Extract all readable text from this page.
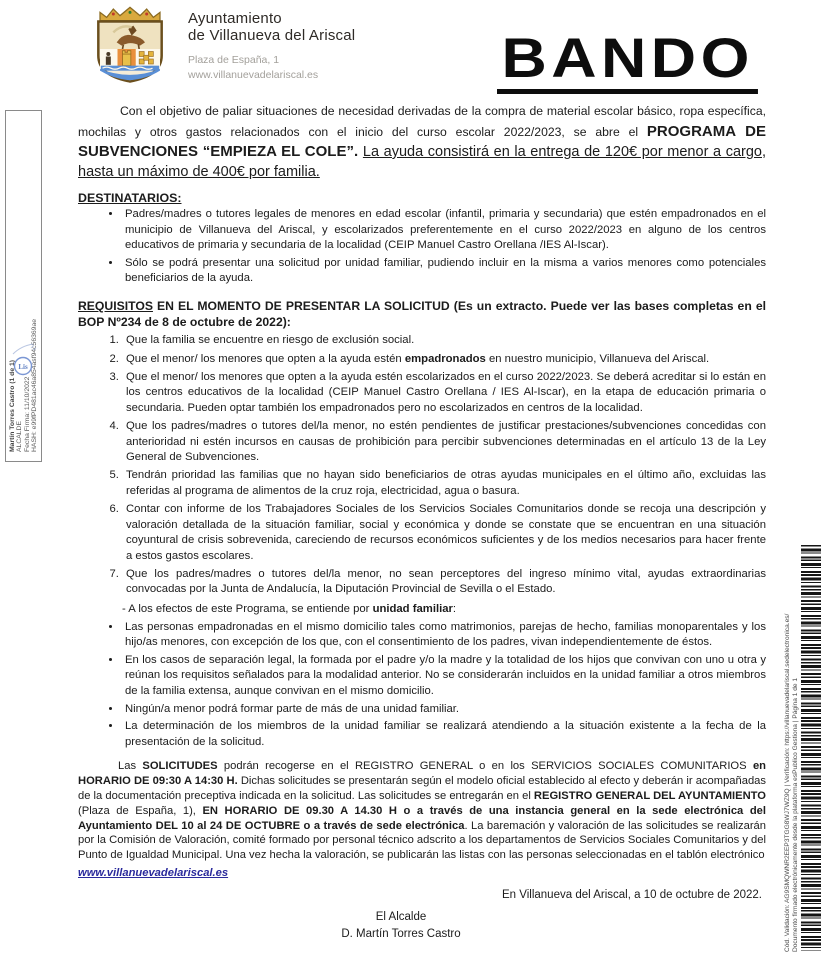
Ayuntamiento
de Villanueva del Ariscal
Plaza de España, 1
www.villanuevadelariscal.es	BANDO
Martín Torres Castro (1 de 1) ALCALDE Fecha Firma: 11/10/2022 HASH: e99fPD481ac46a854asf94c56369ae
Lis
Cód. Validación: AG9SMQWNR2EEP3TGG8WJ7WZ9Q | Verificación: https://villanuevadelariscal.sedelectronica.es/ Documento firmado electrónicamente desde la plataforma esPublico Gestiona | Página 1 de 1

Con el objetivo de paliar situaciones de necesidad derivadas de la compra de material escolar básico, ropa específica, mochilas y otros gastos relacionados con el inicio del curso escolar 2022/2023, se abre el PROGRAMA DE SUBVENCIONES “EMPIEZA EL COLE”. La ayuda consistirá en la entrega de 120€ por menor a cargo, hasta un máximo de 400€ por familia.

DESTINATARIOS:
• Padres/madres o tutores legales de menores en edad escolar (infantil, primaria y secundaria) que estén empadronados en el municipio de Villanueva del Ariscal, y escolarizados preferentemente en el curso 2022/2023 en alguno de los centros educativos de primaria y secundaria de la localidad (CEIP Manuel Castro Orellana /IES Al-Iscar).
• Sólo se podrá presentar una solicitud por unidad familiar, pudiendo incluir en la misma a varios menores como potenciales beneficiarios de la ayuda.

REQUISITOS EN EL MOMENTO DE PRESENTAR LA SOLICITUD (Es un extracto. Puede ver las bases completas en el BOP Nº234 de 8 de octubre de 2022):

1. Que la familia se encuentre en riesgo de exclusión social.
2. Que el menor/ los menores que opten a la ayuda estén empadronados en nuestro municipio, Villanueva del Ariscal.
3. Que el menor/ los menores que opten a la ayuda estén escolarizados en el curso 2022/2023. Se deberá acreditar si lo están en los centros educativos de la localidad (CEIP Manuel Castro Orellana / IES Al-Iscar), en la etapa de educación primaria o secundaria. Pueden optar también los empadronados pero no escolarizados en centros de la localidad.
4. Que los padres/madres o tutores del/la menor, no estén pendientes de justificar prestaciones/subvenciones concedidas con anterioridad ni estén incursos en causas de prohibición para percibir subvenciones determinadas en el artículo 13 de la Ley General de Subvenciones.
5. Tendrán prioridad las familias que no hayan sido beneficiarios de otras ayudas municipales en el último año, excluidas las referidas al programa de alimentos de la cruz roja, electricidad, agua o basura.
6. Contar con informe de los Trabajadores Sociales de los Servicios Sociales Comunitarios donde se recoja una descripción y valoración detallada de la situación familiar, social y económica y donde se constate que se encuentran en una situación coyuntural de crisis sobrevenida, careciendo de recursos económicos suficientes y de los medios necesarios para hacer frente a estos gastos escolares.
7. Que los padres/madres o tutores del/la menor, no sean perceptores del ingreso mínimo vital, ayudas extraordinarias convocadas por la Junta de Andalucía, la Diputación Provincial de Sevilla o el Estado.

- A los efectos de este Programa, se entiende por unidad familiar:

• Las personas empadronadas en el mismo domicilio tales como matrimonios, parejas de hecho, familias monoparentales y los hijo/as menores, con excepción de los que, con el consentimiento de los padres, vivan independientemente de éstos.
• En los casos de separación legal, la formada por el padre y/o la madre y la totalidad de los hijos que convivan con uno u otra y reúnan los requisitos señalados para la modalidad anterior. No se considerarán incluidos en la unidad familiar a otros miembros de la familia extensa, aunque convivan en el mismo domicilio.
• Ningún/a menor podrá formar parte de más de una unidad familiar.
• La determinación de los miembros de la unidad familiar se realizará atendiendo a la situación existente a la fecha de la presentación de la solicitud.

Las SOLICITUDES podrán recogerse en el REGISTRO GENERAL o en los SERVICIOS SOCIALES COMUNITARIOS en HORARIO DE 09:30 A 14:30 H. Dichas solicitudes se presentarán según el modelo oficial establecido al efecto y deberán ir acompañadas de la documentación preceptiva indicada en la solicitud. Las solicitudes se entregarán en el REGISTRO GENERAL DEL AYUNTAMIENTO (Plaza de España, 1), EN HORARIO DE 09.30 A 14.30 H o a través de una instancia general en la sede electrónica del Ayuntamiento DEL 10 al 24 DE OCTUBRE o a través de sede electrónica. La baremación y valoración de las solicitudes se realizarán por la Comisión de Valoración, comité formado por personal técnico adscrito a los departamentos de Servicios Sociales Comunitarios y del Punto de Igualdad Municipal. Una vez hecha la valoración, se publicarán las listas con las personas seleccionadas en el tablón electrónico

www.villanuevadelariscal.es

En Villanueva del Ariscal, a 10 de octubre de 2022.

El Alcalde
D. Martín Torres Castro
